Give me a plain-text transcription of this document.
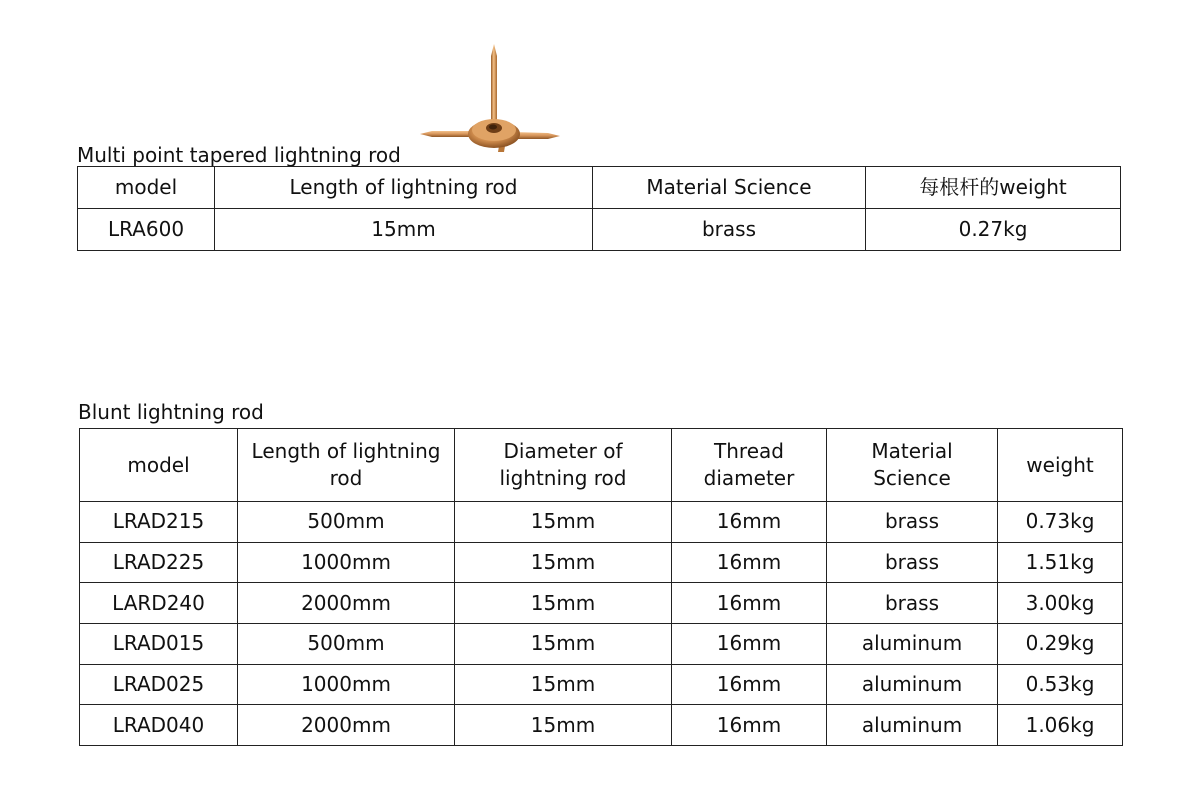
Multi point tapered lightning rod
model	Length of lightning rod	Material Science	每根杆的weight
LRA600	15mm	brass	0.27kg
Blunt lightning rod
model	Length of lightning rod	Diameter of lightning rod	Thread diameter	Material Science	weight
LRAD215	500mm	15mm	16mm	brass	0.73kg
LRAD225	1000mm	15mm	16mm	brass	1.51kg
LARD240	2000mm	15mm	16mm	brass	3.00kg
LRAD015	500mm	15mm	16mm	aluminum	0.29kg
LRAD025	1000mm	15mm	16mm	aluminum	0.53kg
LRAD040	2000mm	15mm	16mm	aluminum	1.06kg
